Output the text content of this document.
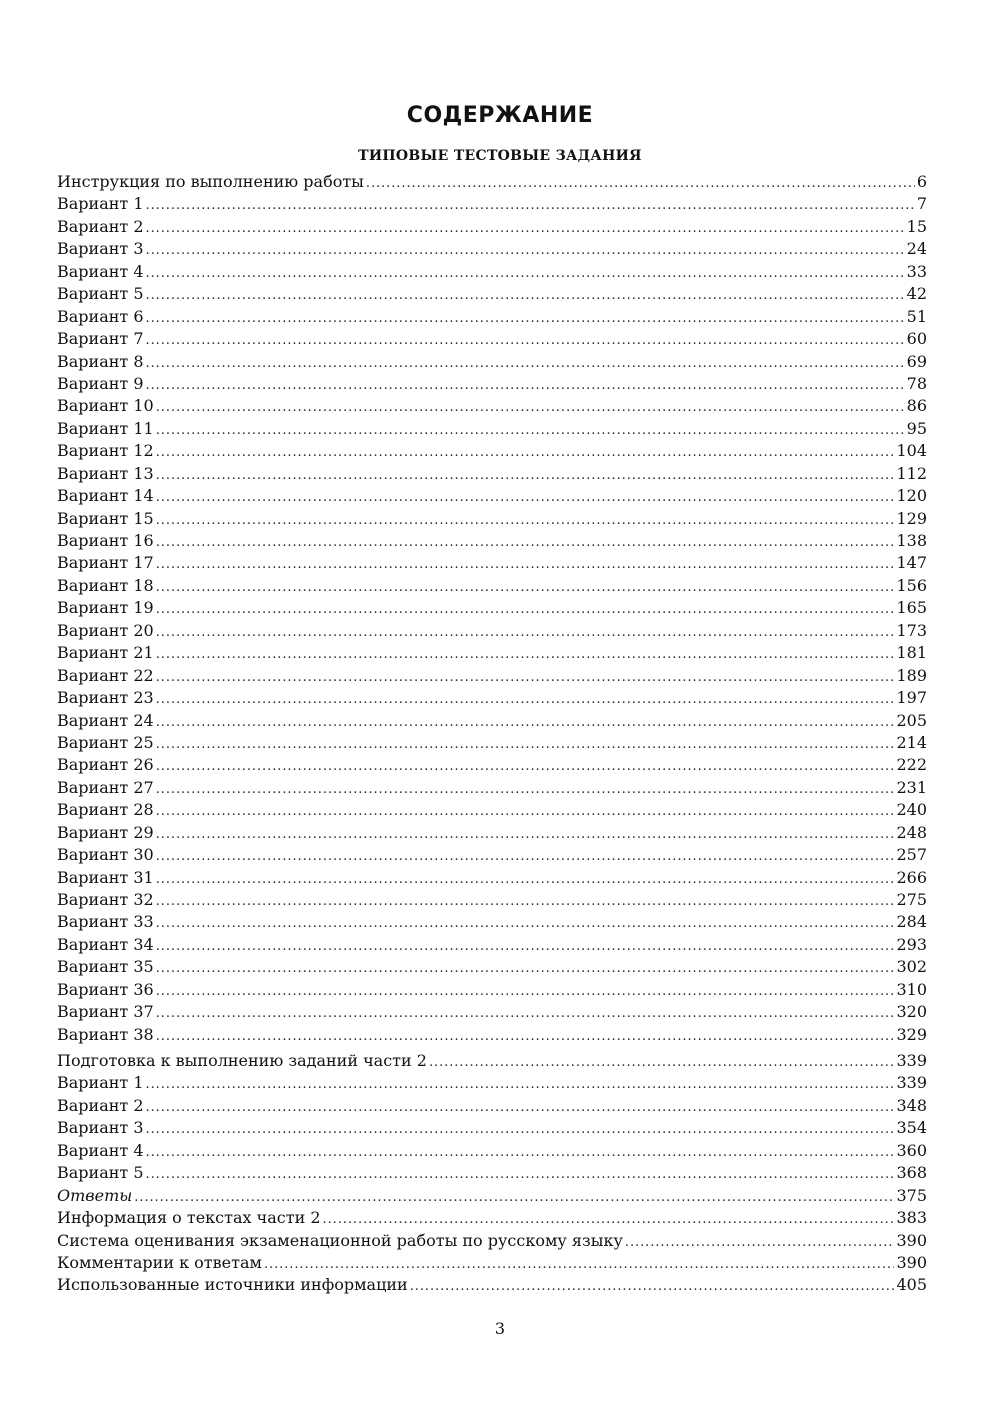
СОДЕРЖАНИЕ
ТИПОВЫЕ ТЕСТОВЫЕ ЗАДАНИЯ
Инструкция по выполнению работы . . .	6
Вариант 1 . . .	7
Вариант 2 . . .	15
Вариант 3 . . .	24
Вариант 4 . . .	33
Вариант 5 . . .	42
Вариант 6 . . .	51
Вариант 7 . . .	60
Вариант 8 . . .	69
Вариант 9 . . .	78
Вариант 10 . . .	86
Вариант 11 . . .	95
Вариант 12 . . .	104
Вариант 13 . . .	112
Вариант 14 . . .	120
Вариант 15 . . .	129
Вариант 16 . . .	138
Вариант 17 . . .	147
Вариант 18 . . .	156
Вариант 19 . . .	165
Вариант 20 . . .	173
Вариант 21 . . .	181
Вариант 22 . . .	189
Вариант 23 . . .	197
Вариант 24 . . .	205
Вариант 25 . . .	214
Вариант 26 . . .	222
Вариант 27 . . .	231
Вариант 28 . . .	240
Вариант 29 . . .	248
Вариант 30 . . .	257
Вариант 31 . . .	266
Вариант 32 . . .	275
Вариант 33 . . .	284
Вариант 34 . . .	293
Вариант 35 . . .	302
Вариант 36 . . .	310
Вариант 37 . . .	320
Вариант 38 . . .	329
Подготовка к выполнению заданий части 2 . . .	339
Вариант 1 . . .	339
Вариант 2 . . .	348
Вариант 3 . . .	354
Вариант 4 . . .	360
Вариант 5 . . .	368
Ответы . . .	375
Информация о текстах части 2 . . .	383
Система оценивания экзаменационной работы по русскому языку . . .	390
Комментарии к ответам . . .	390
Использованные источники информации . . .	405
3
